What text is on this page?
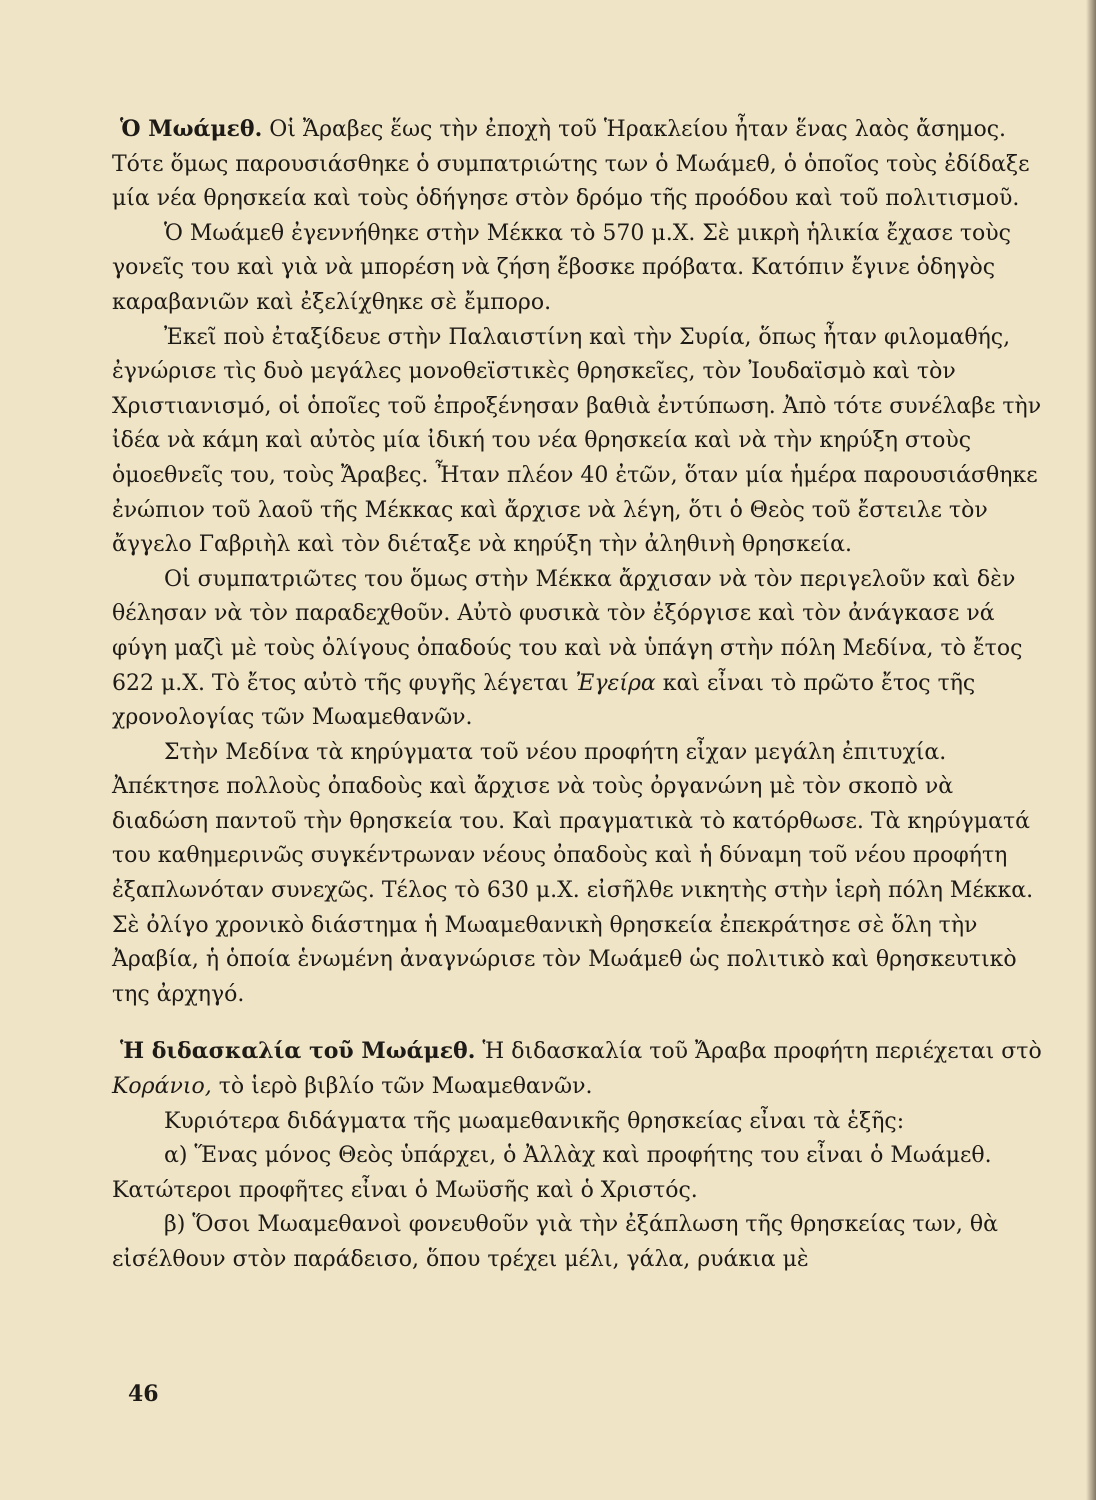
Ὁ Μωάμεθ. Οἱ Ἄραβες ἕως τὴν ἐποχὴ τοῦ Ἡρακλείου ἦταν ἕνας λαὸς ἄσημος. Τότε ὅμως παρουσιάσθηκε ὁ συμπατριώτης των ὁ Μωάμεθ, ὁ ὁποῖος τοὺς ἐδίδαξε μία νέα θρησκεία καὶ τοὺς ὁδήγησε στὸν δρόμο τῆς προόδου καὶ τοῦ πολιτισμοῦ.

Ὁ Μωάμεθ ἐγεννήθηκε στὴν Μέκκα τὸ 570 μ.Χ. Σὲ μικρὴ ἡλικία ἔχασε τοὺς γονεῖς του καὶ γιὰ νὰ μπορέση νὰ ζήση ἔβοσκε πρόβατα. Κατόπιν ἔγινε ὁδηγὸς καραβανιῶν καὶ ἐξελίχθηκε σὲ ἔμπορο.

Ἐκεῖ ποὺ ἐταξίδευε στὴν Παλαιστίνη καὶ τὴν Συρία, ὅπως ἦταν φιλομαθής, ἐγνώρισε τὶς δυὸ μεγάλες μονοθεϊστικὲς θρησκεῖες, τὸν Ἰουδαϊσμὸ καὶ τὸν Χριστιανισμό, οἱ ὁποῖες τοῦ ἐπροξένησαν βαθιὰ ἐντύπωση. Ἀπὸ τότε συνέλαβε τὴν ἰδέα νὰ κάμη καὶ αὐτὸς μία ἰδική του νέα θρησκεία καὶ νὰ τὴν κηρύξη στοὺς ὁμοεθνεῖς του, τοὺς Ἄραβες. Ἦταν πλέον 40 ἐτῶν, ὅταν μία ἡμέρα παρουσιάσθηκε ἐνώπιον τοῦ λαοῦ τῆς Μέκκας καὶ ἄρχισε νὰ λέγη, ὅτι ὁ Θεὸς τοῦ ἔστειλε τὸν ἄγγελο Γαβριὴλ καὶ τὸν διέταξε νὰ κηρύξη τὴν ἀληθινὴ θρησκεία.

Οἱ συμπατριῶτες του ὅμως στὴν Μέκκα ἄρχισαν νὰ τὸν περιγελοῦν καὶ δὲν θέλησαν νὰ τὸν παραδεχθοῦν. Αὐτὸ φυσικὰ τὸν ἐξόργισε καὶ τὸν ἀνάγκασε νά φύγη μαζὶ μὲ τοὺς ὀλίγους ὀπαδούς του καὶ νὰ ὑπάγη στὴν πόλη Μεδίνα, τὸ ἔτος 622 μ.Χ. Τὸ ἔτος αὐτὸ τῆς φυγῆς λέγεται Ἐγείρα καὶ εἶναι τὸ πρῶτο ἔτος τῆς χρονολογίας τῶν Μωαμεθανῶν.

Στὴν Μεδίνα τὰ κηρύγματα τοῦ νέου προφήτη εἶχαν μεγάλη ἐπιτυχία. Ἀπέκτησε πολλοὺς ὀπαδοὺς καὶ ἄρχισε νὰ τοὺς ὀργανώνη μὲ τὸν σκοπὸ νὰ διαδώση παντοῦ τὴν θρησκεία του. Καὶ πραγματικὰ τὸ κατόρθωσε. Τὰ κηρύγματά του καθημερινῶς συγκέντρωναν νέους ὀπαδοὺς καὶ ἡ δύναμη τοῦ νέου προφήτη ἐξαπλωνόταν συνεχῶς. Τέλος τὸ 630 μ.Χ. εἰσῆλθε νικητὴς στὴν ἱερὴ πόλη Μέκκα. Σὲ ὀλίγο χρονικὸ διάστημα ἡ Μωαμεθανικὴ θρησκεία ἐπεκράτησε σὲ ὅλη τὴν Ἀραβία, ἡ ὁποία ἑνωμένη ἀναγνώρισε τὸν Μωάμεθ ὡς πολιτικὸ καὶ θρησκευτικὸ της ἀρχηγό.

Ἡ διδασκαλία τοῦ Μωάμεθ. Ἡ διδασκαλία τοῦ Ἄραβα προφήτη περιέχεται στὸ Κοράνιο, τὸ ἱερὸ βιβλίο τῶν Μωαμεθανῶν.

Κυριότερα διδάγματα τῆς μωαμεθανικῆς θρησκείας εἶναι τὰ ἑξῆς:

α) Ἕνας μόνος Θεὸς ὑπάρχει, ὁ Ἀλλὰχ καὶ προφήτης του εἶναι ὁ Μωάμεθ. Κατώτεροι προφῆτες εἶναι ὁ Μωϋσῆς καὶ ὁ Χριστός.

β) Ὅσοι Μωαμεθανοὶ φονευθοῦν γιὰ τὴν ἐξάπλωση τῆς θρησκείας των, θὰ εἰσέλθουν στὸν παράδεισο, ὅπου τρέχει μέλι, γάλα, ρυάκια μὲ

46
